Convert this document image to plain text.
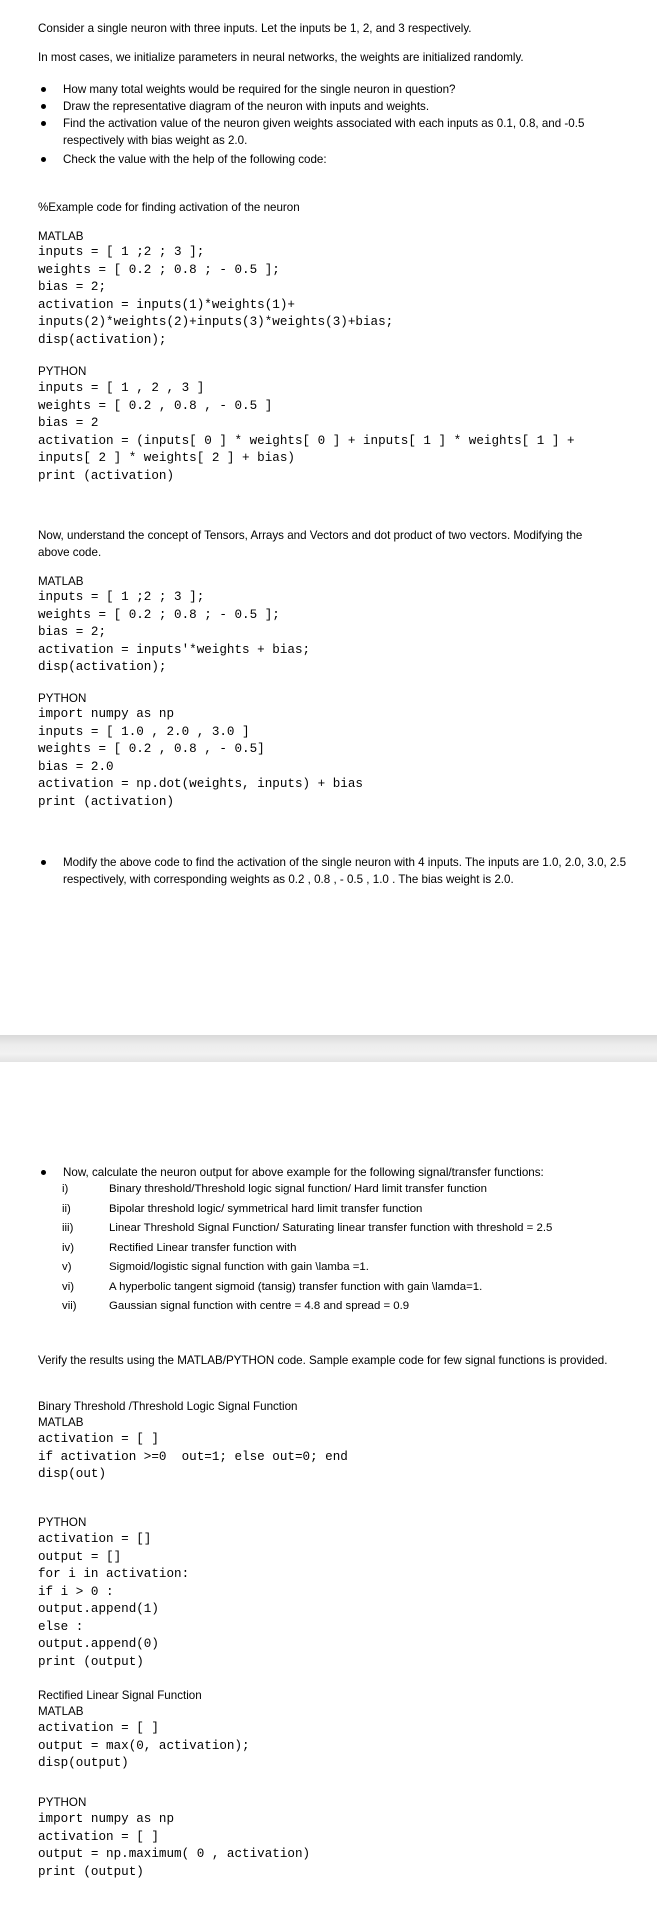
Consider a single neuron with three inputs. Let the inputs be 1, 2, and 3 respectively.

In most cases, we initialize parameters in neural networks, the weights are initialized randomly.

How many total weights would be required for the single neuron in question?

Draw the representative diagram of the neuron with inputs and weights.

Find the activation value of the neuron given weights associated with each inputs as 0.1, 0.8, and -0.5 respectively with bias weight as 2.0.

Check the value with the help of the following code:

%Example code for finding activation of the neuron

MATLAB

inputs = [ 1 ;2 ; 3 ];
weights = [ 0.2 ; 0.8 ; - 0.5 ];
bias = 2;
activation = inputs(1)*weights(1)+
inputs(2)*weights(2)+inputs(3)*weights(3)+bias;
disp(activation);

PYTHON

inputs = [ 1 , 2 , 3 ]
weights = [ 0.2 , 0.8 , - 0.5 ]
bias = 2
activation = (inputs[ 0 ] * weights[ 0 ] + inputs[ 1 ] * weights[ 1 ] +
inputs[ 2 ] * weights[ 2 ] + bias)
print (activation)

Now, understand the concept of Tensors, Arrays and Vectors and dot product of two vectors. Modifying the above code.

MATLAB

inputs = [ 1 ;2 ; 3 ];
weights = [ 0.2 ; 0.8 ; - 0.5 ];
bias = 2;
activation = inputs'*weights + bias;
disp(activation);

PYTHON

import numpy as np
inputs = [ 1.0 , 2.0 , 3.0 ]
weights = [ 0.2 , 0.8 , - 0.5]
bias = 2.0
activation = np.dot(weights, inputs) + bias
print (activation)

Modify the above code to find the activation of the single neuron with 4 inputs. The inputs are 1.0, 2.0, 3.0, 2.5 respectively, with corresponding weights as 0.2 , 0.8 , - 0.5 , 1.0 . The bias weight is 2.0.

Now, calculate the neuron output for above example for the following signal/transfer functions:

i)	Binary threshold/Threshold logic signal function/ Hard limit transfer function

ii)	Bipolar threshold logic/ symmetrical hard limit transfer function

iii)	Linear Threshold Signal Function/ Saturating linear transfer function with threshold = 2.5

iv)	Rectified Linear transfer function with

v)	Sigmoid/logistic signal function with gain \lamba =1.

vi)	A hyperbolic tangent sigmoid (tansig) transfer function with gain \lamda=1.

vii)	Gaussian signal function with centre = 4.8 and spread = 0.9

Verify the results using the MATLAB/PYTHON code. Sample example code for few signal functions is provided.

Binary Threshold /Threshold Logic Signal Function

MATLAB

activation = [ ]
if activation >=0  out=1; else out=0; end
disp(out)

PYTHON

activation = []
output = []
for i in activation:
if i > 0 :
output.append(1)
else :
output.append(0)
print (output)

Rectified Linear Signal Function

MATLAB

activation = [ ]
output = max(0, activation);
disp(output)

PYTHON

import numpy as np
activation = [ ]
output = np.maximum( 0 , activation)
print (output)
